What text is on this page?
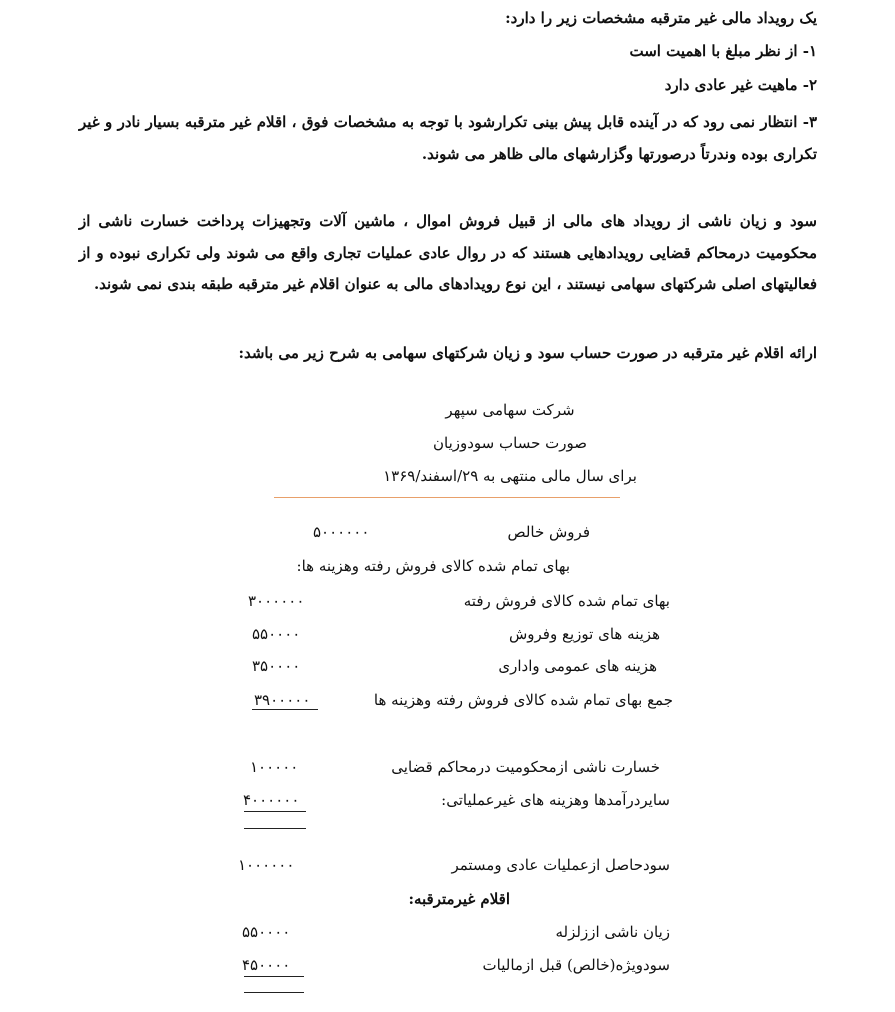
یک رویداد مالی غیر مترقبه مشخصات زیر را دارد:
۱- از نظر مبلغ با اهمیت است
۲- ماهیت غیر عادی دارد
۳- انتظار نمی رود که در آینده قابل پیش بینی تکرارشود با توجه به مشخصات فوق ، اقلام غیر مترقبه بسیار نادر و غیر تکراری بوده وندرتاً درصورتها وگزارشهای مالی ظاهر می شوند.
سود و زیان ناشی از رویداد های مالی از قبیل فروش اموال ، ماشین آلات وتجهیزات پرداخت خسارت ناشی از محکومیت درمحاکم قضایی رویدادهایی هستند که در روال عادی عملیات تجاری واقع می شوند ولی تکراری نبوده و از فعالیتهای اصلی شرکتهای سهامی نیستند ، این نوع رویدادهای مالی به عنوان اقلام غیر مترقبه طبقه بندی نمی شوند.
ارائه اقلام غیر مترقبه در صورت حساب سود و زیان شرکتهای سهامی به شرح زیر می باشد:
شرکت سهامی سپهر
صورت حساب سودوزیان
برای سال مالی منتهی به ۲۹/اسفند/۱۳۶۹
فروش خالص
۵۰۰۰۰۰۰
بهای تمام شده کالای فروش رفته وهزینه ها:
بهای تمام شده کالای فروش رفته
۳۰۰۰۰۰۰
هزینه های توزیع وفروش
۵۵۰۰۰۰
هزینه های عمومی واداری
۳۵۰۰۰۰
جمع بهای تمام شده کالای فروش رفته وهزینه ها
۳۹۰۰۰۰۰
خسارت ناشی ازمحکومیت درمحاکم قضایی
۱۰۰۰۰۰
سایردرآمدها وهزینه های غیرعملیاتی:
۴۰۰۰۰۰۰
سودحاصل ازعملیات عادی ومستمر
۱۰۰۰۰۰۰
اقلام غیرمترقبه:
زیان ناشی اززلزله
۵۵۰۰۰۰
سودویژه(خالص) قبل ازمالیات
۴۵۰۰۰۰
